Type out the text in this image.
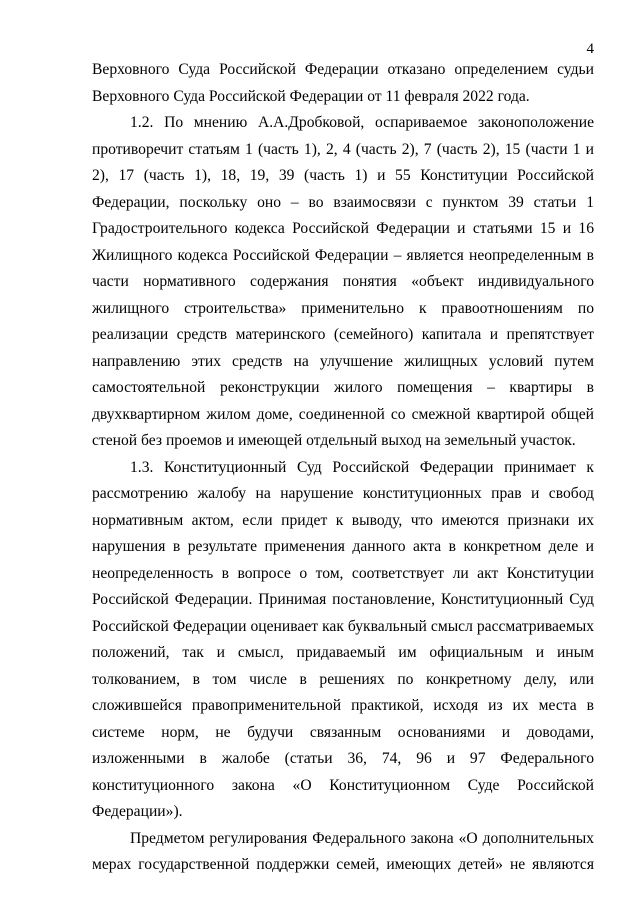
4
Верховного Суда Российской Федерации отказано определением судьи
Верховного Суда Российской Федерации от 11 февраля 2022 года.
1.2. По мнению А.А.Дробковой, оспариваемое законоположение
противоречит статьям 1 (часть 1), 2, 4 (часть 2), 7 (часть 2), 15 (части 1 и
2), 17 (часть 1), 18, 19, 39 (часть 1) и 55 Конституции Российской
Федерации, поскольку оно – во взаимосвязи с пунктом 39 статьи 1
Градостроительного кодекса Российской Федерации и статьями 15 и 16
Жилищного кодекса Российской Федерации – является неопределенным в
части нормативного содержания понятия «объект индивидуального
жилищного строительства» применительно к правоотношениям по
реализации средств материнского (семейного) капитала и препятствует
направлению этих средств на улучшение жилищных условий путем
самостоятельной реконструкции жилого помещения – квартиры в
двухквартирном жилом доме, соединенной со смежной квартирой общей
стеной без проемов и имеющей отдельный выход на земельный участок.
1.3. Конституционный Суд Российской Федерации принимает к
рассмотрению жалобу на нарушение конституционных прав и свобод
нормативным актом, если придет к выводу, что имеются признаки их
нарушения в результате применения данного акта в конкретном деле и
неопределенность в вопросе о том, соответствует ли акт Конституции
Российской Федерации. Принимая постановление, Конституционный Суд
Российской Федерации оценивает как буквальный смысл рассматриваемых
положений, так и смысл, придаваемый им официальным и иным
толкованием, в том числе в решениях по конкретному делу, или
сложившейся правоприменительной практикой, исходя из их места в
системе норм, не будучи связанным основаниями и доводами,
изложенными в жалобе (статьи 36, 74, 96 и 97 Федерального
конституционного закона «О Конституционном Суде Российской
Федерации»).
Предметом регулирования Федерального закона «О дополнительных
мерах государственной поддержки семей, имеющих детей» не являются
